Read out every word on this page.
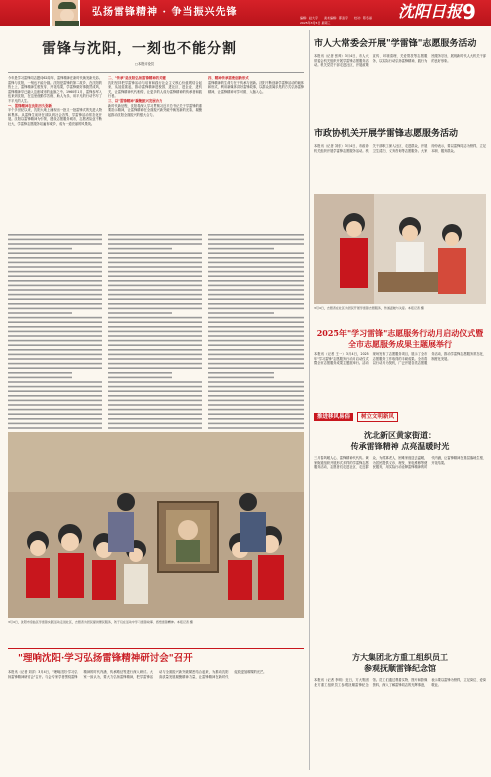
弘扬雷锋精神 · 争当振兴先锋	编辑：赵大宇 美术编辑：都凌宇 校对：陈冬丽
2025年3月5日 星期三
沈阳日报 9
雷锋与沈阳，一刻也不能分割
□本报评论员

今年是学习雷锋同志题词62周年，雷锋精神在新时代焕发新光彩。雷锋与沈阳，一刻也不能分割。沈阳是雷锋的第二故乡，在沈阳的热土上，雷锋精神生根发芽、开花结果，学雷锋做好事蔚然成风，雷锋精神早已融入这座城市的血脉之中。1960年1月，雷锋参军入伍来到沈阳，在这里他勤学苦练、助人为乐，用平凡的行动书写了不平凡的人生。

一、雷锋精神在沈阳历久弥新

半个多世纪以来，沈阳大地上涌现出一批又一批雷锋式的先进人物和集体。从雷锋生前所在部队到社会各界，学雷锋活动常态化开展。沈阳以雷锋精神为引领，建设志愿服务城市，志愿者队伍不断壮大，学雷锋志愿服务站遍布城乡，成为一道亮丽的风景线。

二、"传承"是沈阳弘扬雷锋精神的关键

沈阳坚持把学雷锋活动与培育和践行社会主义核心价值观结合起来，从娃娃抓起，推动雷锋精神进校园、进社区、进企业、进机关，让雷锋精神代代相传，让更多的人成为雷锋精神的传承者和践行者。

三、以"雷锋精神"凝聚振兴发展合力

新时代新征程，沈阳将深入学习贯彻习近平总书记关于学雷锋的重要指示精神，让雷锋精神在全面振兴新突破中焕发新的光彩，凝聚起推动沈阳全面振兴的强大合力。

四、精神传承需要创新形式

雷锋精神的生命力在于传承与创新。沈阳不断创新学雷锋活动的载体和形式，利用新媒体讲好雷锋故事，以群众喜闻乐见的方式弘扬雷锋精神，让雷锋精神可学可做、入脑入心。

3月4日，沈阳市皇姑区学雷锋实践活动走进社区，志愿者为居民提供便民服务，孩子们在活动中学习雷锋故事、感悟雷锋精神。本报记者 摄
"理响沈阳·学习弘扬雷锋精神研讨会"召开
本报讯（记者 刘洋）3月4日，"理响沈阳·学习弘扬雷锋精神研讨会"召开。与会专家学者围绕雷锋精神的时代内涵、传承路径等进行深入研讨。大家一致认为，要大力弘扬雷锋精神，把学雷锋活动与全面振兴新突破紧密结合起来，为推动沈阳高质量发展凝聚精神力量，让雷锋精神在新时代绽放更加璀璨的光芒。
市人大常委会开展"学雷锋"志愿服务活动
本报讯（记者 张帅）3月4日，市人大常委会机关组织开展学雷锋志愿服务活动。机关党员干部走进社区，开展政策宣传、环境清理、关爱帮扶等志愿服务，以实际行动弘扬雷锋精神，践行为民服务宗旨，展现新时代人大机关干部的良好形象。
市政协机关开展学雷锋志愿服务活动
本报讯（记者 刘东）3月4日，市政协机关组织开展学雷锋志愿服务活动。机关干部职工深入社区、走进群众，开展卫生清扫、义务咨询等志愿服务。大家纷纷表示，要以雷锋同志为榜样，立足本职、服务群众。
3月4日，志愿者在社区为居民开展学雷锋志愿服务，传递温暖与关爱。本报记者 摄
2025年"学习雷锋"志愿服务行动月启动仪式暨全市志愿服务成果主题展举行
本报讯（记者 王一）3月4日，2025年"学习雷锋"志愿服务行动月启动仪式暨全市志愿服务成果主题展举行。活动现场发布了志愿服务项目，展示了全市志愿服务工作取得的丰硕成果。全市将以行动月为契机，广泛开展各类志愿服务活动，推动学雷锋志愿服务常态化、制度化发展。
推进移风易俗	树立文明新风
沈北新区黄家街道：
传承雷锋精神 点亮温暖时光
三月春风暖人心，雷锋精神代代传。黄家街道组织开展形式多样的学雷锋志愿服务活动，志愿者们走进社区、走近群众，为孤寡老人、困难家庭送去温暖，为居民提供义诊、理发、家电维修等便民服务，用实际行动诠释雷锋精神的时代内涵，让雷锋精神在基层落地生根、开花结果。
方大集团北方重工组织员工
参观抚顺雷锋纪念馆
本报讯（记者 李明）近日，方大集团北方重工组织员工参观抚顺雷锋纪念馆。员工们通过观看实物、图片和影像资料，深入了解雷锋同志的光辉事迹，表示要以雷锋为榜样，立足岗位、爱岗敬业。
